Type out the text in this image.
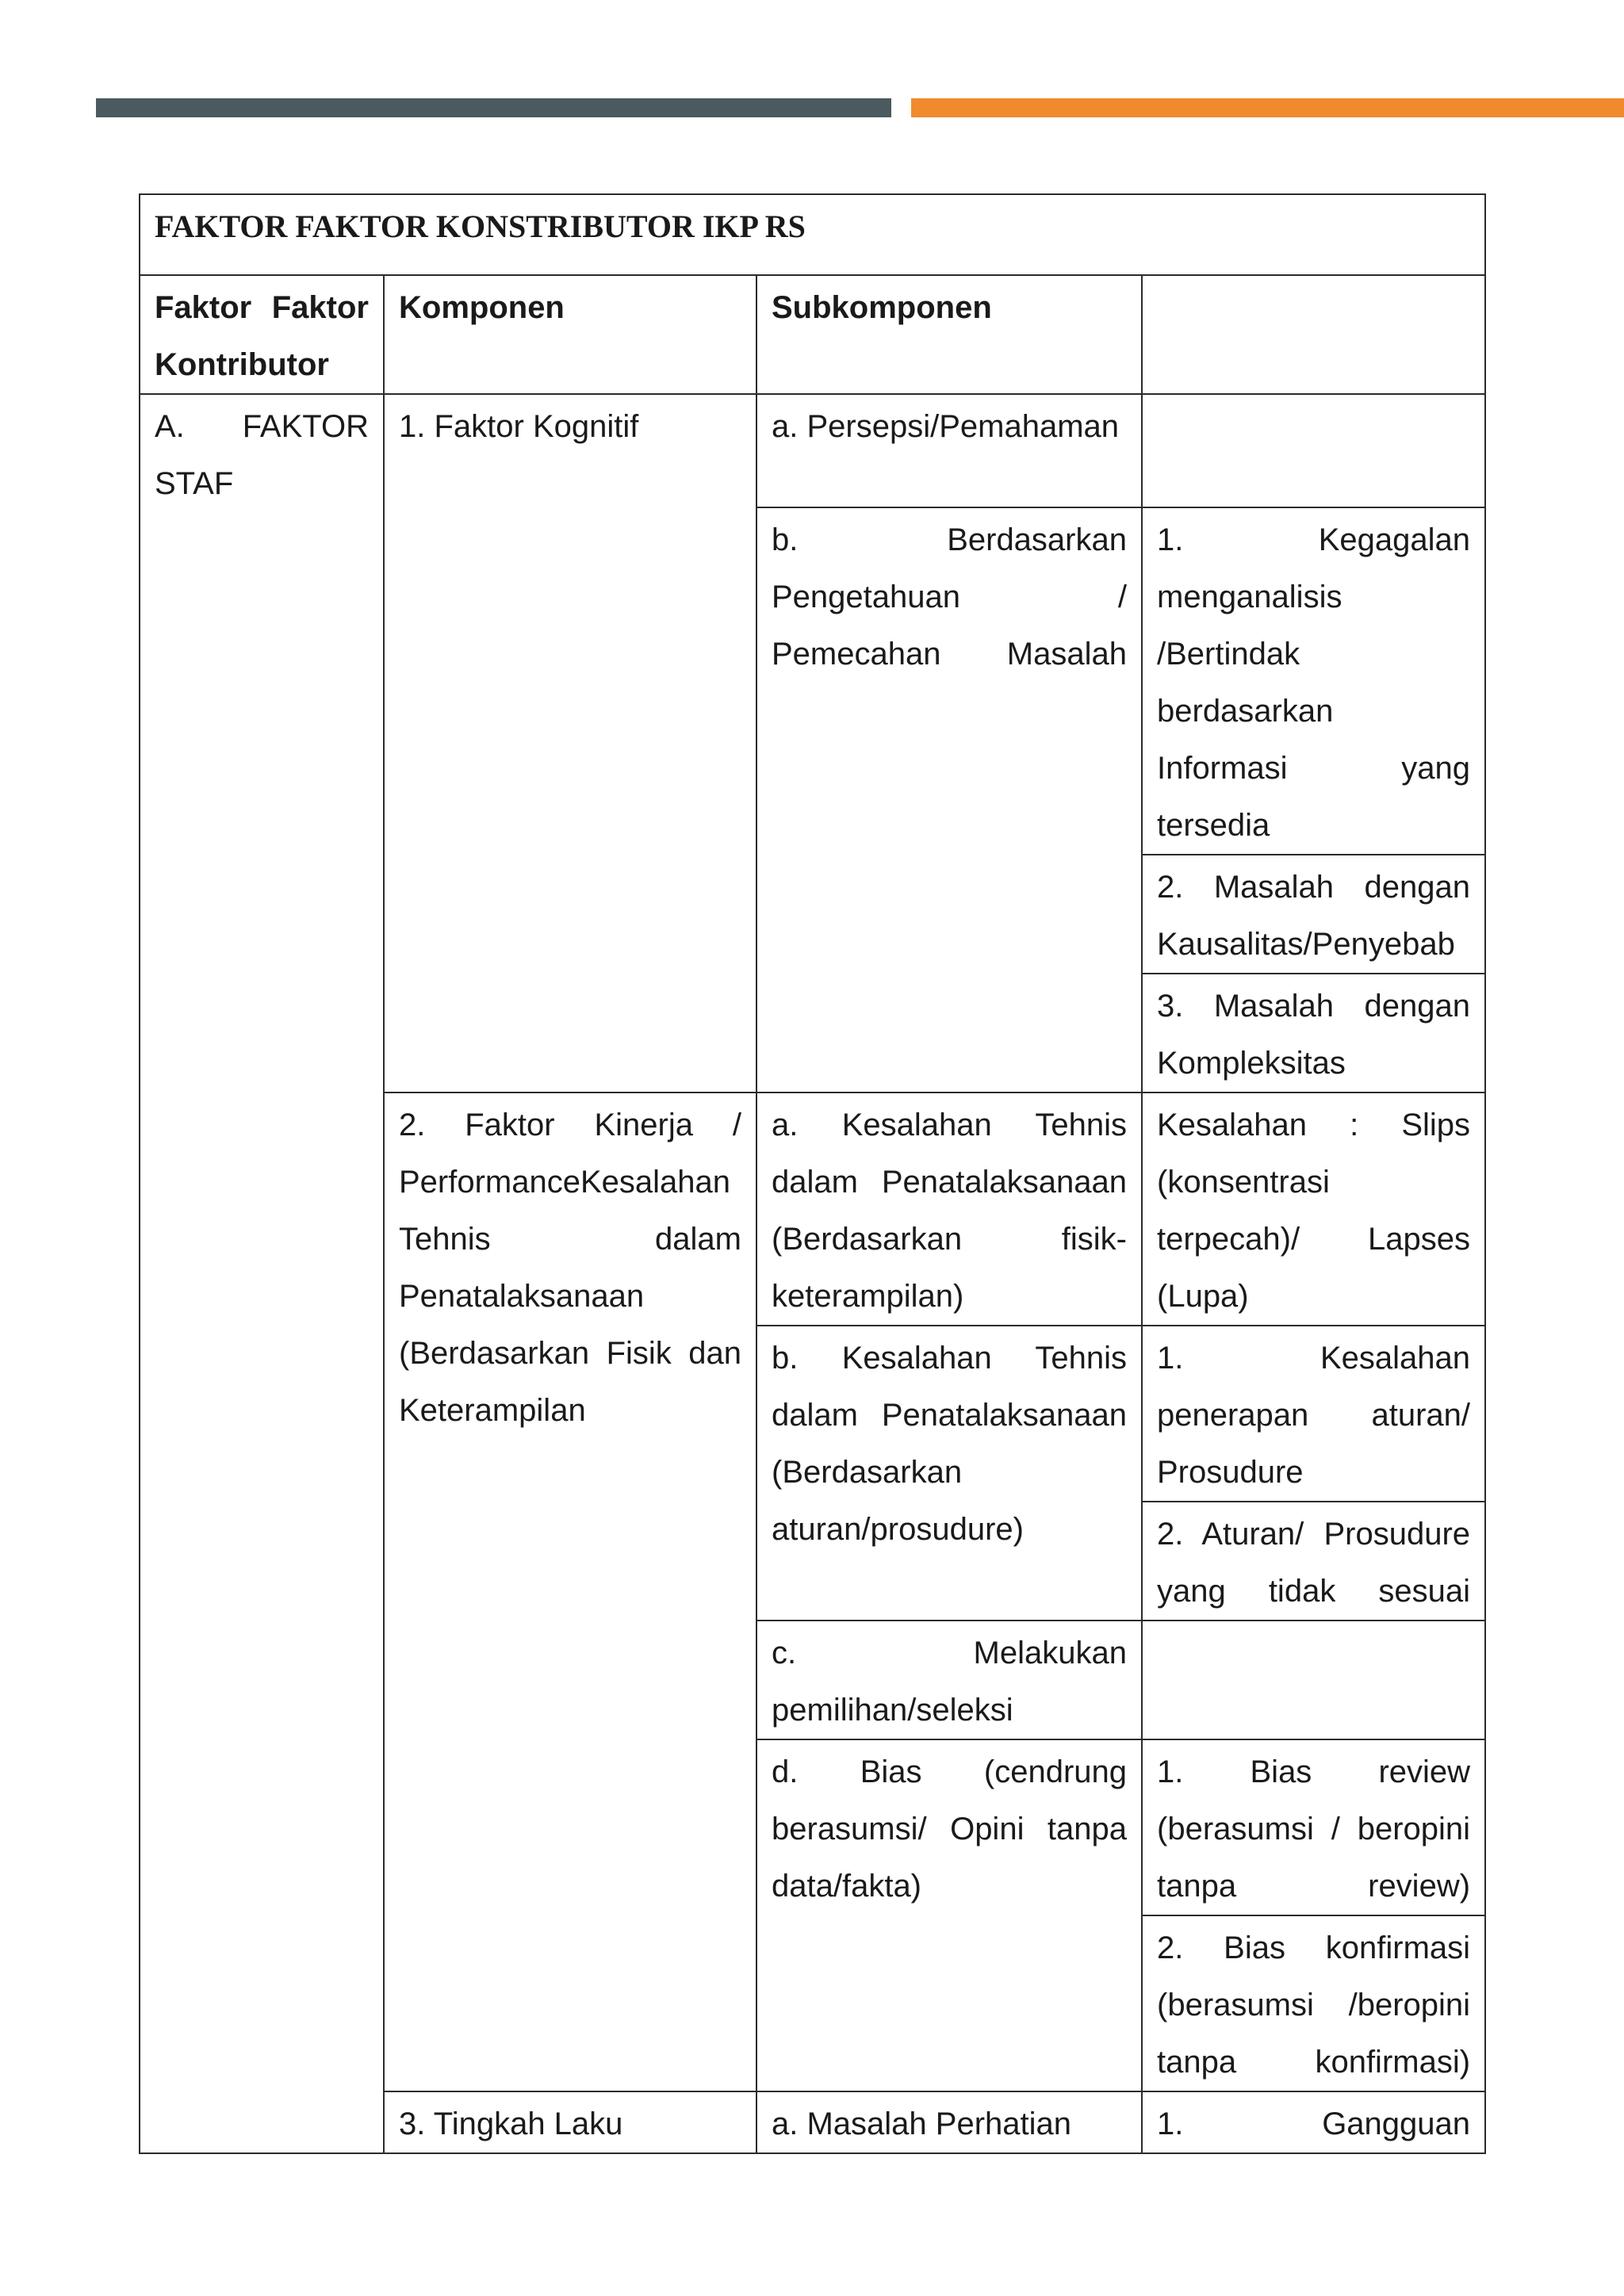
FAKTOR FAKTOR KONSTRIBUTOR IKP RS			
Faktor Faktor Kontributor	Komponen	Subkomponen	

A. FAKTOR STAF	1. Faktor Kognitif	a. Persepsi/Pemahaman	

		b. Berdasarkan Pengetahuan / Pemecahan Masalah	1. Kegagalan menganalisis /Bertindak berdasarkan Informasi yang tersedia

			2. Masalah dengan Kausalitas/Penyebab

			3. Masalah dengan Kompleksitas

	2. Faktor Kinerja / PerformanceKesalahan Tehnis dalam Penatalaksanaan (Berdasarkan Fisik dan Keterampilan	a. Kesalahan Tehnis dalam Penatalaksanaan (Berdasarkan fisik-keterampilan)	Kesalahan : Slips (konsentrasi terpecah)/ Lapses (Lupa)

		b. Kesalahan Tehnis dalam Penatalaksanaan (Berdasarkan aturan/prosudure)	1. Kesalahan penerapan aturan/ Prosudure

			2. Aturan/ Prosudure yang tidak sesuai

		c. Melakukan pemilihan/seleksi	

		d. Bias (cendrung berasumsi/ Opini tanpa data/fakta)	1. Bias review (berasumsi / beropini tanpa review)

			2. Bias konfirmasi (berasumsi /beropini tanpa konfirmasi)

	3. Tingkah Laku	a. Masalah Perhatian	1. Gangguan
